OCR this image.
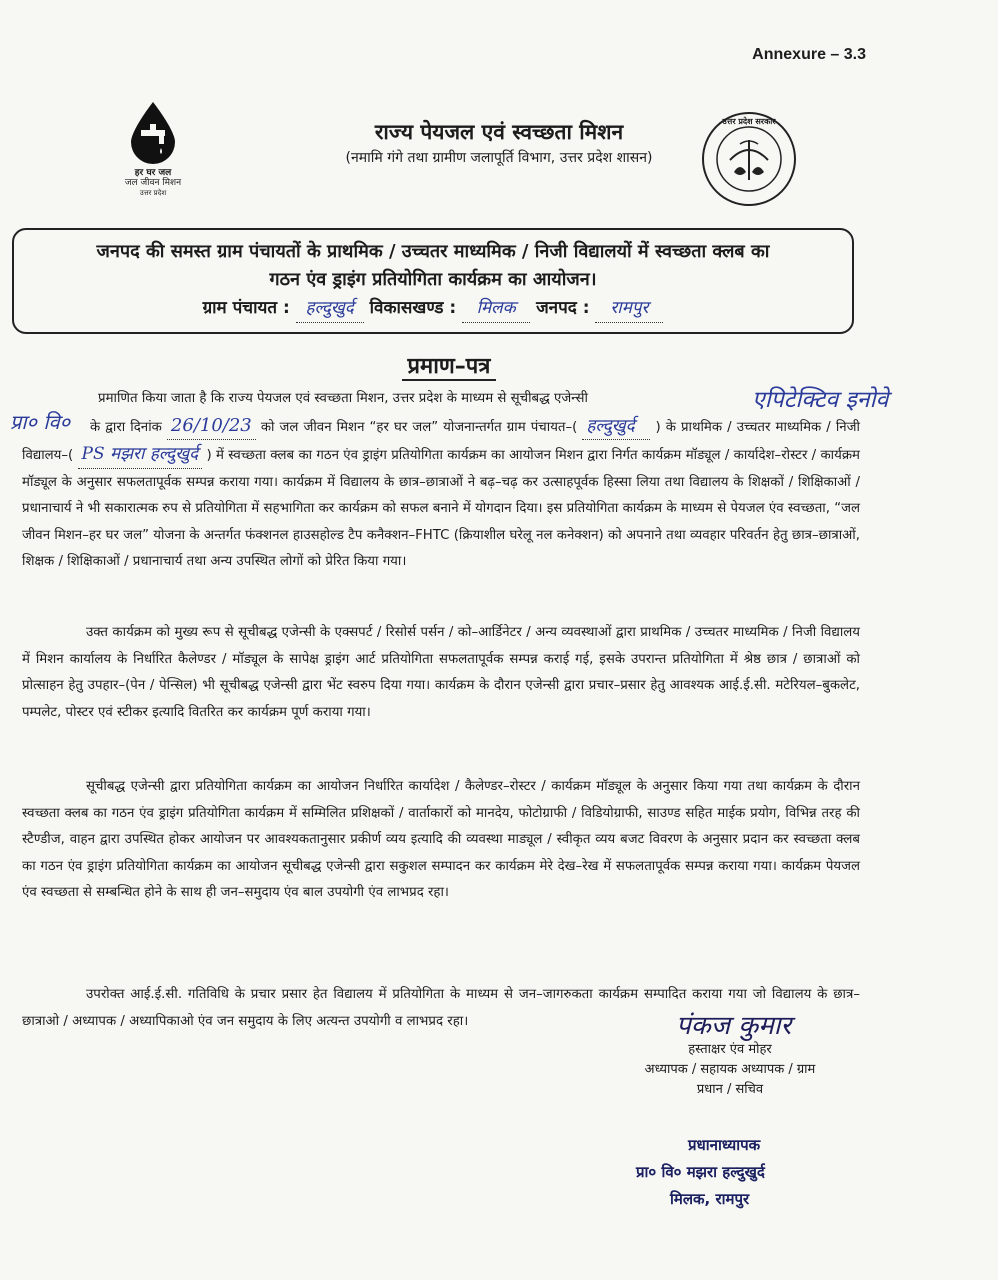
Annexure – 3.3
हर घर जल
जल जीवन मिशन
उत्तर प्रदेश
उत्तर प्रदेश सरकार
राज्य पेयजल एवं स्वच्छता मिशन
(नमामि गंगे तथा ग्रामीण जलापूर्ति विभाग, उत्तर प्रदेश शासन)
जनपद की समस्त ग्राम पंचायतों के प्राथमिक / उच्चतर माध्यमिक / निजी विद्यालयों में स्वच्छता क्लब का
गठन एंव ड्राइंग प्रतियोगिता कार्यक्रम का आयोजन।
ग्राम पंचायत : हल्दुखुर्द विकासखण्ड : मिलक जनपद : रामपुर
प्रमाण–पत्र
एपिटेक्टिव इनोवे
प्रा० वि०
प्रमाणित किया जाता है कि राज्य पेयजल एवं स्वच्छता मिशन, उत्तर प्रदेश के माध्यम से सूचीबद्ध एजेन्सी
के द्वारा दिनांक 26/10/23 को जल जीवन मिशन “हर घर जल” योजनान्तर्गत ग्राम पंचायत–( हल्दुखुर्द ) के प्राथमिक / उच्चतर माध्यमिक / निजी विद्यालय–( PS मझरा हल्दुखुर्द ) में स्वच्छता क्लब का गठन एंव ड्राइंग प्रतियोगिता कार्यक्रम का आयोजन मिशन द्वारा निर्गत कार्यक्रम मॉड्यूल / कार्यादेश–रोस्टर / कार्यक्रम मॉड्यूल के अनुसार सफलतापूर्वक सम्पन्न कराया गया। कार्यक्रम में विद्यालय के छात्र–छात्राओं ने बढ़–चढ़ कर उत्साहपूर्वक हिस्सा लिया तथा विद्यालय के शिक्षकों / शिक्षिकाओं / प्रधानाचार्य ने भी सकारात्मक रुप से प्रतियोगिता में सहभागिता कर कार्यक्रम को सफल बनाने में योगदान दिया। इस प्रतियोगिता कार्यक्रम के माध्यम से पेयजल एंव स्वच्छता, “जल जीवन मिशन–हर घर जल” योजना के अन्तर्गत फंक्शनल हाउसहोल्ड टैप कनैक्शन–FHTC (क्रियाशील घरेलू नल कनेक्शन) को अपनाने तथा व्यवहार परिवर्तन हेतु छात्र–छात्राओं, शिक्षक / शिक्षिकाओं / प्रधानाचार्य तथा अन्य उपस्थित लोगों को प्रेरित किया गया।
उक्त कार्यक्रम को मुख्य रूप से सूचीबद्ध एजेन्सी के एक्सपर्ट / रिसोर्स पर्सन / को–आर्डिनेटर / अन्य व्यवस्थाओं द्वारा प्राथमिक / उच्चतर माध्यमिक / निजी विद्यालय में मिशन कार्यालय के निर्धारित कैलेण्डर / मॉड्यूल के सापेक्ष ड्राइंग आर्ट प्रतियोगिता सफलतापूर्वक सम्पन्न कराई गई, इसके उपरान्त प्रतियोगिता में श्रेष्ठ छात्र / छात्राओं को प्रोत्साहन हेतु उपहार–(पेन / पेन्सिल) भी सूचीबद्ध एजेन्सी द्वारा भेंट स्वरुप दिया गया। कार्यक्रम के दौरान एजेन्सी द्वारा प्रचार–प्रसार हेतु आवश्यक आई.ई.सी. मटेरियल–बुकलेट, पम्पलेट, पोस्टर एवं स्टीकर इत्यादि वितरित कर कार्यक्रम पूर्ण कराया गया।
सूचीबद्ध एजेन्सी द्वारा प्रतियोगिता कार्यक्रम का आयोजन निर्धारित कार्यादेश / कैलेण्डर–रोस्टर / कार्यक्रम मॉड्यूल के अनुसार किया गया तथा कार्यक्रम के दौरान स्वच्छता क्लब का गठन एंव ड्राइंग प्रतियोगिता कार्यक्रम में सम्मिलित प्रशिक्षकों / वार्ताकारों को मानदेय, फोटोग्राफी / विडियोग्राफी, साउण्ड सहित माईक प्रयोग, विभिन्न तरह की स्टैण्डीज, वाहन द्वारा उपस्थित होकर आयोजन पर आवश्यकतानुसार प्रकीर्ण व्यय इत्यादि की व्यवस्था माड्यूल / स्वीकृत व्यय बजट विवरण के अनुसार प्रदान कर स्वच्छता क्लब का गठन एंव ड्राइंग प्रतियोगिता कार्यक्रम का आयोजन सूचीबद्ध एजेन्सी द्वारा सकुशल सम्पादन कर कार्यक्रम मेरे देख–रेख में सफलतापूर्वक सम्पन्न कराया गया। कार्यक्रम पेयजल एंव स्वच्छता से सम्बन्धित होने के साथ ही जन–समुदाय एंव बाल उपयोगी एंव लाभप्रद रहा।
उपरोक्त आई.ई.सी. गतिविधि के प्रचार प्रसार हेत विद्यालय में प्रतियोगिता के माध्यम से जन–जागरुकता कार्यक्रम सम्पादित कराया गया जो विद्यालय के छात्र–छात्राओ / अध्यापक / अध्यापिकाओ एंव जन समुदाय के लिए अत्यन्त उपयोगी व लाभप्रद रहा।	पंकज कुमार
हस्ताक्षर एंव मोहर
अध्यापक / सहायक अध्यापक / ग्राम
प्रधान / सचिव
प्रधानाध्यापक
प्रा० वि० मझरा हल्दुखुर्द
मिलक, रामपुर
